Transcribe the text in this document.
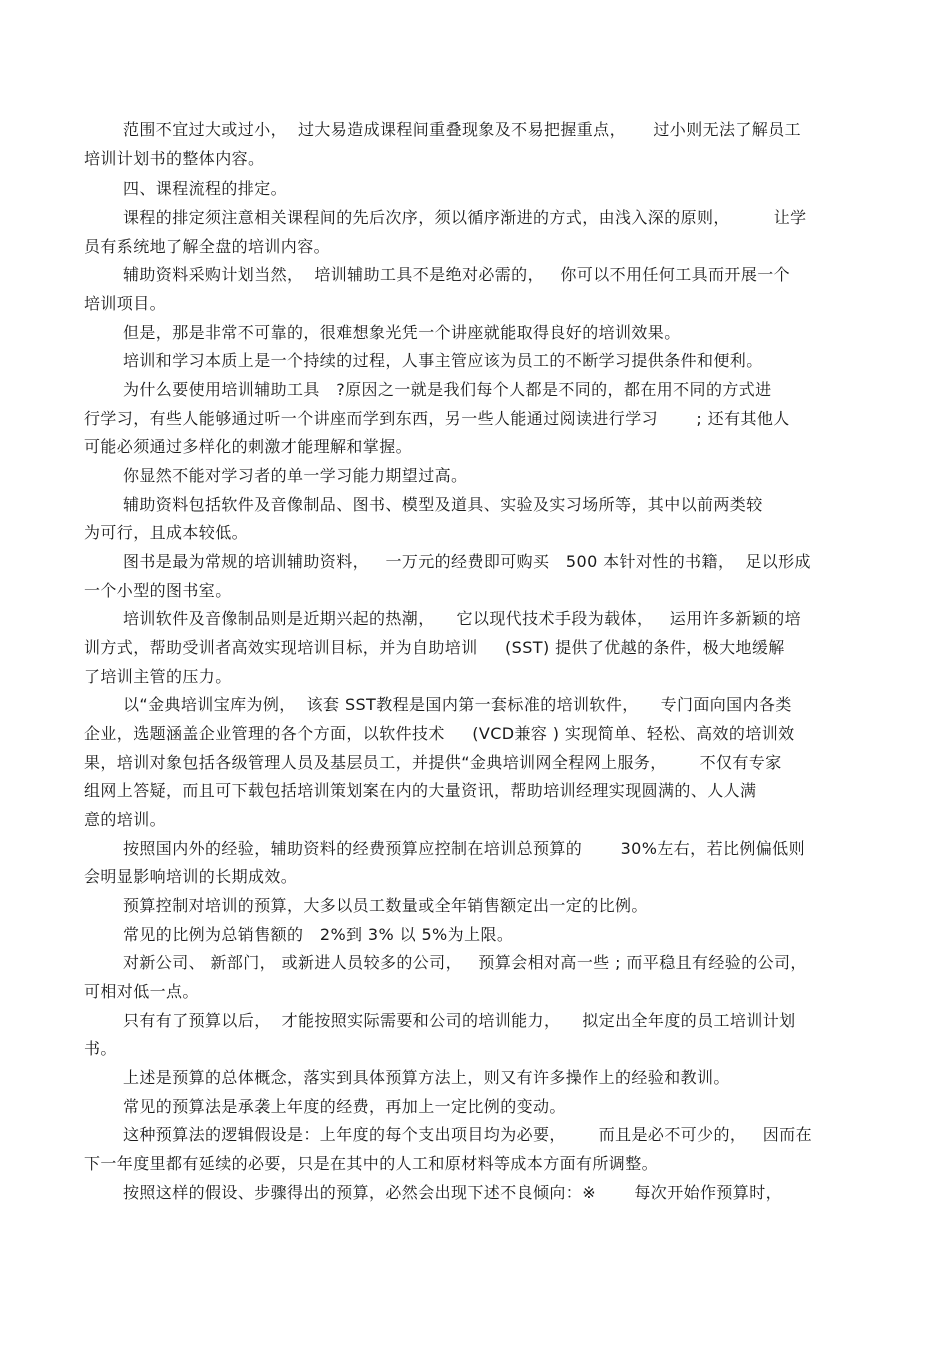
范围不宜过大或过小，  过大易造成课程间重叠现象及不易把握重点，     过小则无法了解员工
培训计划书的整体内容。
四、课程流程的排定。
课程的排定须注意相关课程间的先后次序，须以循序渐进的方式，由浅入深的原则，        让学
员有系统地了解全盘的培训内容。
辅助资料采购计划当然，  培训辅助工具不是绝对必需的，   你可以不用任何工具而开展一个
培训项目。
但是，那是非常不可靠的，很难想象光凭一个讲座就能取得良好的培训效果。
培训和学习本质上是一个持续的过程，人事主管应该为员工的不断学习提供条件和便利。
为什么要使用培训辅助工具   ?原因之一就是我们每个人都是不同的，都在用不同的方式进
行学习，有些人能够通过听一个讲座而学到东西，另一些人能通过阅读进行学习       ; 还有其他人
可能必须通过多样化的刺激才能理解和掌握。
你显然不能对学习者的单一学习能力期望过高。
辅助资料包括软件及音像制品、图书、模型及道具、实验及实习场所等，其中以前两类较
为可行，且成本较低。
图书是最为常规的培训辅助资料，   一万元的经费即可购买   500 本针对性的书籍，  足以形成
一个小型的图书室。
培训软件及音像制品则是近期兴起的热潮，    它以现代技术手段为载体，   运用许多新颖的培
训方式，帮助受训者高效实现培训目标，并为自助培训     (SST) 提供了优越的条件，极大地缓解
了培训主管的压力。
以“金典培训宝库为例，  该套 SST教程是国内第一套标准的培训软件，    专门面向国内各类
企业，选题涵盖企业管理的各个方面，以软件技术     (VCD兼容 ) 实现简单、轻松、高效的培训效
果，培训对象包括各级管理人员及基层员工，并提供“金典培训网全程网上服务，      不仅有专家
组网上答疑，而且可下载包括培训策划案在内的大量资讯，帮助培训经理实现圆满的、人人满
意的培训。
按照国内外的经验，辅助资料的经费预算应控制在培训总预算的       30%左右，若比例偏低则
会明显影响培训的长期成效。
预算控制对培训的预算，大多以员工数量或全年销售额定出一定的比例。
常见的比例为总销售额的   2%到 3% 以 5%为上限。
对新公司、 新部门， 或新进人员较多的公司，   预算会相对高一些 ; 而平稳且有经验的公司，
可相对低一点。
只有有了预算以后，  才能按照实际需要和公司的培训能力，    拟定出全年度的员工培训计划
书。
上述是预算的总体概念，落实到具体预算方法上，则又有许多操作上的经验和教训。
常见的预算法是承袭上年度的经费，再加上一定比例的变动。
这种预算法的逻辑假设是：上年度的每个支出项目均为必要，      而且是必不可少的，   因而在
下一年度里都有延续的必要，只是在其中的人工和原材料等成本方面有所调整。
按照这样的假设、步骤得出的预算，必然会出现下述不良倾向：※       每次开始作预算时，
